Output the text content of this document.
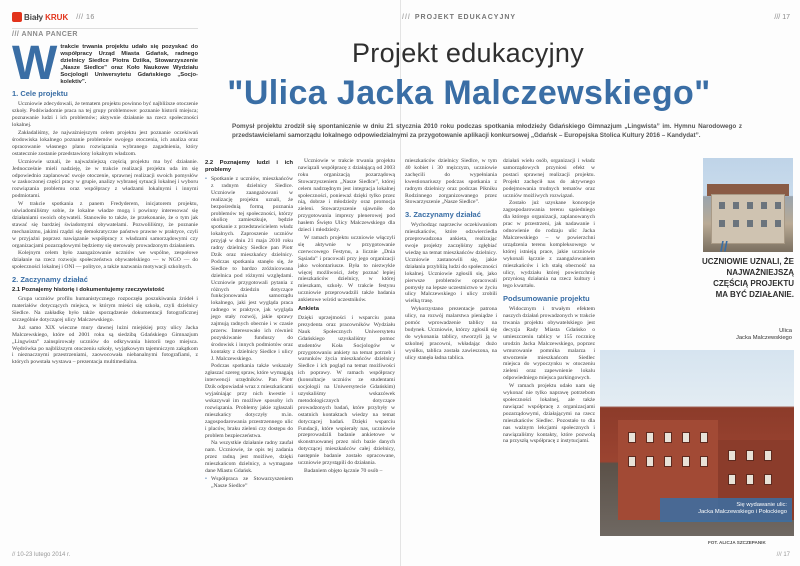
Biały KRUK /// 16
/// ANNA PANCER
Wtrakcie trwania projektu udało się pozyskać do współpracy Urząd Miasta Gdańsk, radnego dzielnicy Siedlce Piotra Dziika, Stowarzyszenie „Nasze Siedlce” oraz Koło Naukowe Wydziału Socjologii Uniwersytetu Gdańskiego „Socjo-kolektiv”.
1. Cele projektu

Uczniowie zdecydowali, że tematem projektu powinno być najbliższe otoczenie szkoły. Podświadomie praca na tej grupy problemowe: poznanie historii miejsca; poznawanie ludzi i ich problemów; aktywnie działanie na rzecz społeczności lokalnej.

Zakładaliśmy, że najważniejszym celem projektu jest poznanie oczekiwań środowiska lokalnego poznanie problemów swojego otoczenia, ich analiza oraz opracowanie własnego planu rozwiązania wybranego zagadnienia, który ostatecznie zostanie przedstawiony lokalnym władzom.

Uczniowie uznali, że najważniejszą częścią projektu ma być działanie. Jednocześnie mieli nadzieję, że w trakcie realizacji projektu uda im się odpowiednio zaplanować swoje otoczenie, sprawnej realizacji swoich pomysłów w zaskoczonej części pracy w grupie, analizy wybranej sytuacji lokalnej i wyboru rozwiązania problemu oraz współpracy z władzami lokalnymi i innymi podmiotami.

W trakcie spotkania z panem Fredyderem, inicjatorem projektu, uświadomiliśmy sobie, że lokalne władze mogą i powinny interesować się działaniami swoich obywateli. Stanowiło to także, że przekonanie, że o tym jak stawać się bardziej świadomymi obywatelami. Pozwoliliśmy, że poznanie mechanizmu, jakimi rządzi się demokratyczne państwo prawne w praktyce, czyli w przyjaźni poprzez nawiązanie współpracy z władzami samorządowymi czy organizacjami pozarządowymi będziemy się sterowały prowadzonym działaniem.

Kolejnym celem było zaangażowanie uczniów we wspólne, zespołowe działanie na rzecz rozwoju społeczeństwa obywatelskiego — w NGO — do społeczności lokalnej i ONI — polityce, a także nazwania motywacji szkolnych.

2. Zaczynamy działać
2.1 Poznajemy historię i dokumentujemy rzeczywistość

Grupa uczniów profilu humanistycznego rozpoczęła poszukiwania źródeł i materiałów dotyczących miejsca, w którym mieści się szkoła, czyli dzielnicy Siedlce. Na zakładkę było także sporządzenie dokumentacji fotograficznej szczególnie dotyczącej ulicy Malczewskiego.

Już samo XIX wieczne mury dawnej lużni miejskiej przy ulicy Jacka Malczewskiego, które od 2001 roku są siedzibą Gdańskiego Gimnazjum „Lingwista” zainspirowały uczniów do odkrywania historii tego miejsca. Wędrówka po najbliższym otoczeniu szkoły, wyjątkowym tajemniczym zakątkom i nieznacznymi przestrzeniami, zaowocowała niebanalnymi fotografiami, z których powstała wystawa – prezentacja multimedialna.

2.2 Poznajemy ludzi i ich problemy
• Spotkanie z uczniów, mieszkańców z radnym dzielnicy Siedlce. Uczniowie zaangażowani w realizację projektu uznali, że bezpośrednią formą poznania problemów tej społeczności, którzy okolicę zamieszkuje, będzie spotkanie z przedstawicielem władz lokalnych. Zaproszenie uczniów przyjął w dniu 21 maja 2010 roku radny dzielnicy Siedlce pan Piotr Dzik oraz mieszkańcy dzielnicy. Podczas spotkania stanęło się, że Siedlce to bardzo zróżnicowana dzielnica pod różnymi względami. Uczniowie przygotowali pytania z różnych dziedzin dotyczące funkcjonowania samorządu lokalnego, jaki jest wygląda praca radnego w praktyce, jak wygląda jego stały rozwój, jakie sprawy zajmują radnych obecnie i w czasie przerw. Interesowało ich również pozyskiwanie funduszy do środowisk i innych podmiotów oraz kontakty z dzielnicy Siedlce i ulicy J. Malczewskiego.

Podczas spotkania także wskazały zgłaszać szereg spraw, które wymagają interwencji urzędników. Pan Piotr Dzik odpowiadał wraz z mieszkańcami wyjaśniając przy nich kwestie i wskazywał im możliwe sposoby ich rozwiązania. Problemy jakie zgłaszali mieszkańcy dotyczyły m.in. zagospodarowania przestrzennego ulic i placów, braku zieleni czy dostępu do problem bezpieczeństwa.

Na wszystkie działanie radny zaufał nam. Uczniowie, że opis tej zadania przez radną jest możliwe, dzięki mieszkańcom dzielnicy, a wymagane dane Miastu Gdańsk.

• Współpraca ze Stowarzyszeniem „Nasze Siedlce”

Uczniowie w trakcie trwania projektu nawiązali współpracę z działającą od 2003 roku organizacją pozarządową Stowarzyszeniem „Nasze Siedlce”, której celem nadrzędnym jest integracja lokalnej społeczności, ponieważ dzięki tylko przez nią, dobrze i młodzieży oraz promocja zieleni. Stowarzyszenie ujawniło do przygotowania imprezy plenerowej pod hasłem Święto Ulicy Malczewskiego dla dzieci i młodzieży.

W ramach projektu uczniowie włączyli się aktywnie w przygotowanie czerwcowego Festynu, a licznie „Dnia Sąsiada” i pracowali przy jego organizacji jako wolontariusze. Była to niezwykle więcej możliwości, żeby poznać lepiej mieszkańców dzielnicy, w której mieszkam, szkoły. W trakcie festynu uczniowie przeprowadzili także badania ankietowe wśród uczestników.

Ankieta

Dzięki uprzejmości i wsparciu pana prezydenta oraz pracowników Wydziału Nauk Społecznych Uniwersytetu Gdańskiego uzyskaliśmy pomoc studentów Koła Socjologów w przygotowaniu ankiety na temat potrzeb i warunków życia mieszkańców dzielnicy Siedlce i ich pogląd na temat możliwości ich poprawy. W ramach współpracy (konsultacje uczniów ze studentami socjologii na Uniwersytecie Gdańskim) uzyskaliśmy wskazówek metodologicznych dotyczące prowadzonych badań, które przybyły w ostatnich kontaktach wiedzy na temat dotyczącej badań. Dzięki wsparciu Fundacji, które wspierały nas, uczniowie przeprowadzili badanie ankietowe w skonstruowanej przez nich bazie danych dotyczącej mieszkańców całej dzielnicy, następnie badanie zostało opracowane, uczniowie przystąpili do działania.

Badaniem objęto łącznie 70 osób –

// 10-23 lutego 2014 r.

mieszkańców dzielnicy Siedlce, w tym 40 kobiet i 30 mężczyzn, uczniowie zachęcili do wypełniania kwestionariuszy podczas spotkania z radnym dzielnicy oraz podczas Pikniku Rodzinnego zorganizowanego przez Stowarzyszenie „Nasze Siedlce”.

3. Zaczynamy działać

Wychodząc naprzeciw oczekiwaniom mieszkańców, które odzwierciedla przeprowadzona ankieta, realizując swoje projekty zaczęliśmy zgłębiać wiedzę na temat mieszkańców dzielnicy. Uczniowie zastanowili się, jakie działania przybliżą ludzi do społeczności lokalnej. Uczniowie zgłosili się, jako pierwsze problemów opracowali pomysły na lepsze uczestnictwo w życiu ulicy Malczewskiego i ulicy zrobili wielką trasę.

Wykorzystano prezentacje patrona ulicy, na rozwój malarstwa pieniądze i pomóc wprowadzenie tablicy na budynek. Uczniowie, którzy zgłosili się do wykonania tablicy, stworzyli ją w szkolnej pracowni, wkładając dużo wysiłku, tablica została zawieszona, na ulicy stanęła ładna tablica.

działań wielu osób, organizacji i władz samorządowych przyniosi efekt w postaci sprawnej realizacji projektu. Projekt zachęcił nas do aktywnego podejmowania trudnych tematów oraz uczniów możliwych rozwiązań.

Zostało już uzyskane koncepcje zagospodarowania terenu sąsiedniego dla którego organizacji, zaplanowanych prac w przestrzeni, jak nadawanie i odnowienie do rodzaju ulic Jacka Malczewskiego – w powierzchni urządzenia terenu kompleksowego w której istnieją prace, jakie uczniowie wykonali łącznie z zaangażowaniem mieszkańców i ich stałą obecność na ulicy, wydziału której powierzchnię przyniosą działania na rzecz kultury i tego kwartału.

Podsumowanie projektu

Widocznym i trwałym efektem naszych działań prowadzonych w trakcie trwania projektu obywatelskiego jest decyzja Rady Miasta Gdańsko o umieszczeniu tablicy w 155 rocznicę urodzin Jacka Malczewskiego, poprzez wmurowanie pomnika malarza i stworzenie mieszkańcom Siedlec miejsca do wypoczynku w otoczeniu zieleni oraz zapewnienie lokalu odpowiedniego miejsca parkingowych.

W ramach projektu udało nam się wykonać nie tylko naprawę potrzebom społeczności lokalnej, ale także nawiązać współpracę z organizacjami pozarządowymi, działającymi na rzecz mieszkańców Siedlec. Pozostało to dla nas ważnym lekcjami społecznych i nawiązaliśmy kontakty, które pozwolą na przyszłą współpracę z instytucjami.

/// 17
/// PROJEKT EDUKACYJNY	/// 17
Projekt edukacyjny
"Ulica Jacka Malczewskiego"
Pomysł projektu zrodził się spontanicznie w dniu 21 stycznia 2010 roku podczas spotkania młodzieży Gdańskiego Gimnazjum „Lingwista” im. Hymnu Narodowego z przedstawicielami samorządu lokalnego odpowiedzialnymi za przygotowanie aplikacji konkursowej „Gdańsk – Europejska Stolica Kultury 2016 – Kandydat”.
//
UCZNIOWIE UZNALI, ŻE NAJWAŻNIEJSZĄ CZĘŚCIĄ PROJEKTU MA BYĆ DZIAŁANIE.
Ulica
Jacka Malczewskiego
Się wydawanie ulic:
Jacka Malczewskiego i Połockiego
FOT. ALICJA SZCZEPANIK
